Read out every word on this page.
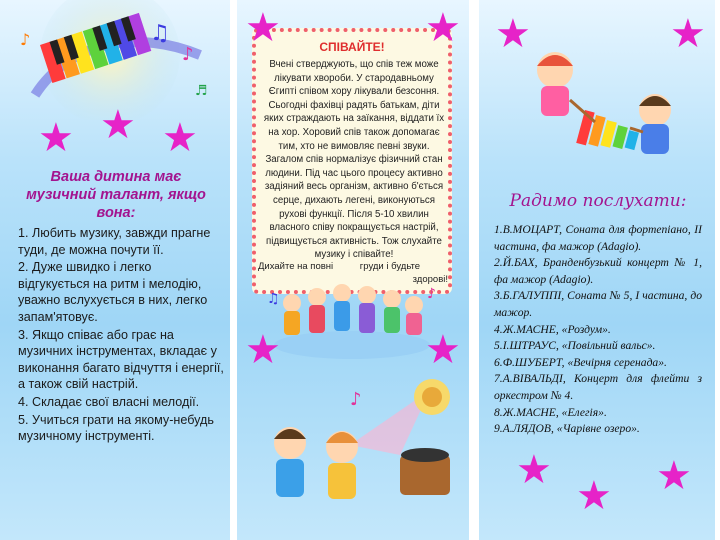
♫
♪
♪
♬
★ ★ ★
Ваша дитина має музичний талант, якщо вона:
1. Любить музику, завжди прагне туди, де можна почути її.
2. Дуже швидко і легко відгукується на ритм і мелодію, уважно вслухується в них, легко запам'ятовує.
3. Якщо співає або грає на музичних інструментах, вкладає у виконання багато відчуття і енергії, а також свій настрій.
4. Складає свої власні мелодії.
5. Учиться грати на якому-небудь музичному інструменті.
СПІВАЙТЕ!
Вчені стверджують, що спів теж може лікувати хвороби. У стародавньому Єгипті співом хору лікували безсоння. Сьогодні фахівці радять батькам, діти яких страждають на заїкання, віддати їх на хор. Хоровий спів також допомагає тим, хто не вимовляє певні звуки. Загалом спів нормалізує фізичний стан людини. Під час цього процесу активно задіяний весь організм, активно б'ється серце, дихають легені, виконуються рухові функції. Після 5-10 хвилин власного співу покращується настрій, підвищується активність. Тож слухайте музику і співайте!
Дихайте на повні	груди і будьте
здорові!
♫	♪
★	★
★	★
♪
★	★
Радимо послухати:
1.В.МОЦАРТ, Соната для фортепіано, ІІ частина, фа мажор (Adagio).
2.Й.БАХ, Бранденбузький концерт № 1, фа мажор (Adagio).
3.Б.ГАЛУППІ, Соната № 5, І частина, до мажор.
4.Ж.МАСНЕ, «Роздум».
5.І.ШТРАУС, «Повільний вальс».
6.Ф.ШУБЕРТ, «Вечірня серенада».
7.А.ВІВАЛЬДІ, Концерт для флейти з оркестром № 4.
8.Ж.МАСНЕ, «Елегія».
9.А.ЛЯДОВ, «Чарівне озеро».
★
★ ★
